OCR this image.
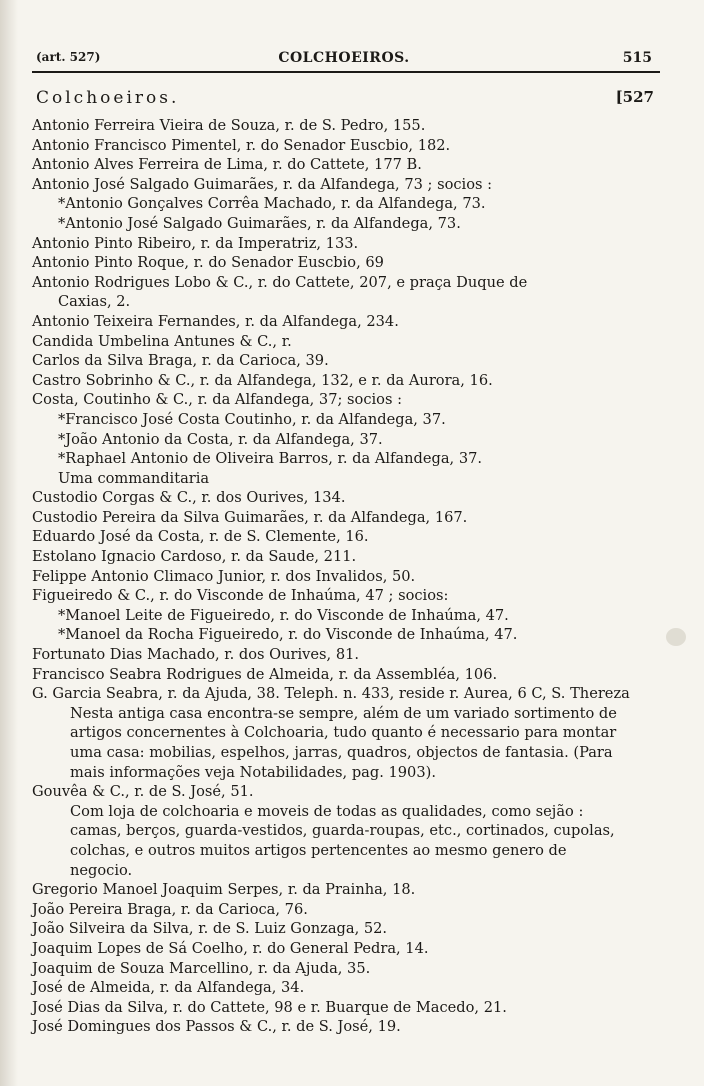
(art. 527)	COLCHOEIROS.	515
Colchoeiros.	[527
Antonio Ferreira Vieira de Souza, r. de S. Pedro, 155.
Antonio Francisco Pimentel, r. do Senador Euscbio, 182.
Antonio Alves Ferreira de Lima, r. do Cattete, 177 B.
Antonio José Salgado Guimarães, r. da Alfandega, 73 ; socios :
*Antonio Gonçalves Corrêa Machado, r. da Alfandega, 73.
*Antonio José Salgado Guimarães, r. da Alfandega, 73.
Antonio Pinto Ribeiro, r. da Imperatriz, 133.
Antonio Pinto Roque, r. do Senador Euscbio, 69
Antonio Rodrigues Lobo & C., r. do Cattete, 207, e praça Duque de
Caxias, 2.
Antonio Teixeira Fernandes, r. da Alfandega, 234.
Candida Umbelina Antunes & C., r.
Carlos da Silva Braga, r. da Carioca, 39.
Castro Sobrinho & C., r. da Alfandega, 132, e r. da Aurora, 16.
Costa, Coutinho & C., r. da Alfandega, 37; socios :
*Francisco José Costa Coutinho, r. da Alfandega, 37.
*João Antonio da Costa, r. da Alfandega, 37.
*Raphael Antonio de Oliveira Barros, r. da Alfandega, 37.
Uma commanditaria
Custodio Corgas & C., r. dos Ourives, 134.
Custodio Pereira da Silva Guimarães, r. da Alfandega, 167.
Eduardo José da Costa, r. de S. Clemente, 16.
Estolano Ignacio Cardoso, r. da Saude, 211.
Felippe Antonio Climaco Junior, r. dos Invalidos, 50.
Figueiredo & C., r. do Visconde de Inhaúma, 47 ; socios:
*Manoel Leite de Figueiredo, r. do Visconde de Inhaúma, 47.
*Manoel da Rocha Figueiredo, r. do Visconde de Inhaúma, 47.
Fortunato Dias Machado, r. dos Ourives, 81.
Francisco Seabra Rodrigues de Almeida, r. da Assembléa, 106.
G. Garcia Seabra, r. da Ajuda, 38. Teleph. n. 433, reside r. Aurea, 6 C, S. Thereza
Nesta antiga casa encontra-se sempre, além de um variado sortimento de
artigos concernentes à Colchoaria, tudo quanto é necessario para montar
uma casa: mobilias, espelhos, jarras, quadros, objectos de fantasia. (Para
mais informações veja Notabilidades, pag. 1903).
Gouvêa & C., r. de S. José, 51.
Com loja de colchoaria e moveis de todas as qualidades, como sejão :
camas, berços, guarda-vestidos, guarda-roupas, etc., cortinados, cupolas,
colchas, e outros muitos artigos pertencentes ao mesmo genero de
negocio.
Gregorio Manoel Joaquim Serpes, r. da Prainha, 18.
João Pereira Braga, r. da Carioca, 76.
João Silveira da Silva, r. de S. Luiz Gonzaga, 52.
Joaquim Lopes de Sá Coelho, r. do General Pedra, 14.
Joaquim de Souza Marcellino, r. da Ajuda, 35.
José de Almeida, r. da Alfandega, 34.
José Dias da Silva, r. do Cattete, 98 e r. Buarque de Macedo, 21.
José Domingues dos Passos & C., r. de S. José, 19.
